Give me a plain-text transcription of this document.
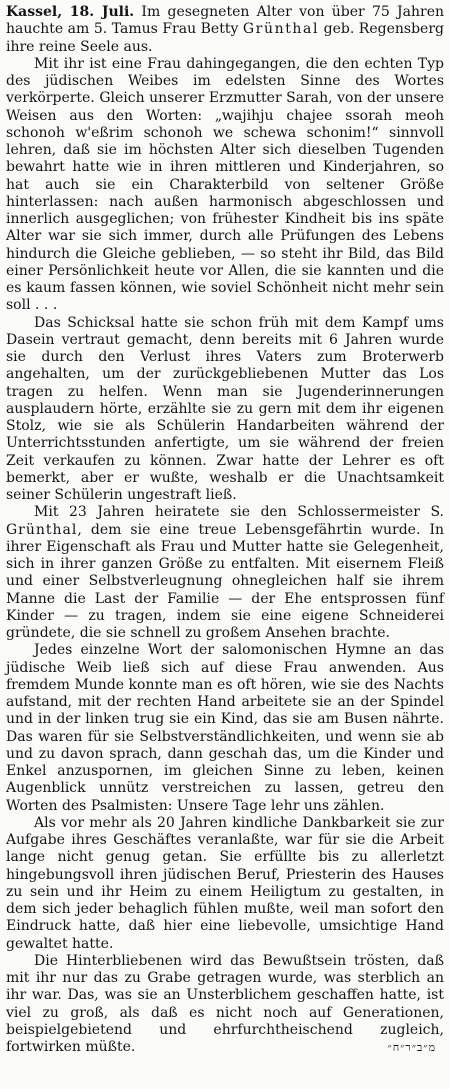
Kassel, 18. Juli. Im gesegneten Alter von über 75 Jahren hauchte am 5. Tamus Frau Betty Grünthal geb. Regensberg ihre reine Seele aus.

Mit ihr ist eine Frau dahingegangen, die den echten Typ des jüdischen Weibes im edelsten Sinne des Wortes verkörperte. Gleich unserer Erzmutter Sarah, von der unsere Weisen aus den Worten: „wajihju chajee ssorah meoh schonoh w'eßrim schonoh we schewa schonim!“ sinnvoll lehren, daß sie im höchsten Alter sich dieselben Tugenden bewahrt hatte wie in ihren mittleren und Kinderjahren, so hat auch sie ein Charakterbild von seltener Größe hinterlassen: nach außen harmonisch abgeschlossen und innerlich ausgeglichen; von frühester Kindheit bis ins späte Alter war sie sich immer, durch alle Prüfungen des Lebens hindurch die Gleiche geblieben, — so steht ihr Bild, das Bild einer Persönlichkeit heute vor Allen, die sie kannten und die es kaum fassen können, wie soviel Schönheit nicht mehr sein soll . . .

Das Schicksal hatte sie schon früh mit dem Kampf ums Dasein vertraut gemacht, denn bereits mit 6 Jahren wurde sie durch den Verlust ihres Vaters zum Broterwerb angehalten, um der zurückgebliebenen Mutter das Los tragen zu helfen. Wenn man sie Jugenderinnerungen ausplaudern hörte, erzählte sie zu gern mit dem ihr eigenen Stolz, wie sie als Schülerin Handarbeiten während der Unterrichtsstunden anfertigte, um sie während der freien Zeit verkaufen zu können. Zwar hatte der Lehrer es oft bemerkt, aber er wußte, weshalb er die Unachtsamkeit seiner Schülerin ungestraft ließ.

Mit 23 Jahren heiratete sie den Schlossermeister S. Grünthal, dem sie eine treue Lebensgefährtin wurde. In ihrer Eigenschaft als Frau und Mutter hatte sie Gelegenheit, sich in ihrer ganzen Größe zu entfalten. Mit eisernem Fleiß und einer Selbstverleugnung ohnegleichen half sie ihrem Manne die Last der Familie — der Ehe entsprossen fünf Kinder — zu tragen, indem sie eine eigene Schneiderei gründete, die sie schnell zu großem Ansehen brachte.

Jedes einzelne Wort der salomonischen Hymne an das jüdische Weib ließ sich auf diese Frau anwenden. Aus fremdem Munde konnte man es oft hören, wie sie des Nachts aufstand, mit der rechten Hand arbeitete sie an der Spindel und in der linken trug sie ein Kind, das sie am Busen nährte. Das waren für sie Selbstverständlichkeiten, und wenn sie ab und zu davon sprach, dann geschah das, um die Kinder und Enkel anzuspornen, im gleichen Sinne zu leben, keinen Augenblick unnütz verstreichen zu lassen, getreu den Worten des Psalmisten: Unsere Tage lehr uns zählen.

Als vor mehr als 20 Jahren kindliche Dankbarkeit sie zur Aufgabe ihres Geschäftes veranlaßte, war für sie die Arbeit lange nicht genug getan. Sie erfüllte bis zu allerletzt hingebungsvoll ihren jüdischen Beruf, Priesterin des Hauses zu sein und ihr Heim zu einem Heiligtum zu gestalten, in dem sich jeder behaglich fühlen mußte, weil man sofort den Eindruck hatte, daß hier eine liebevolle, umsichtige Hand gewaltet hatte.

Die Hinterbliebenen wird das Bewußtsein trösten, daß mit ihr nur das zu Grabe getragen wurde, was sterblich an ihr war. Das, was sie an Unsterblichem geschaffen hatte, ist viel zu groß, als daß es nicht noch auf Generationen, beispielgebietend und ehrfurchtheischend zugleich, fortwirken müßte.	מ״ב״ר״ח״
